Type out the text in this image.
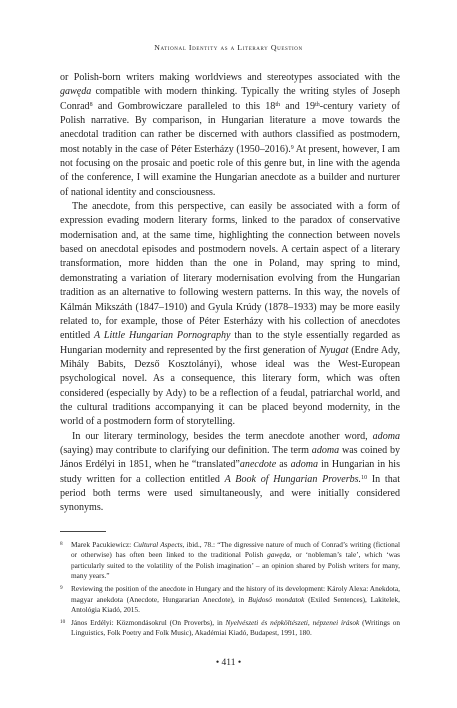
National Identity as a Literary Question

or Polish-born writers making worldviews and stereotypes associated with the gawęda compatible with modern thinking. Typically the writing styles of Joseph Conrad$^8$ and Gombrowiczare paralleled to this 18th and 19th-century variety of Polish narrative. By comparison, in Hungarian literature a move towards the anecdotal tradition can rather be discerned with authors classified as postmodern, most notably in the case of Péter Esterházy (1950–2016).$^9$ At present, however, I am not focusing on the prosaic and poetic role of this genre but, in line with the agenda of the conference, I will examine the Hungarian anecdote as a builder and nurturer of national identity and consciousness.

The anecdote, from this perspective, can easily be associated with a form of expression evading modern literary forms, linked to the paradox of conservative modernisation and, at the same time, highlighting the connection between novels based on anecdotal episodes and postmodern novels. A certain aspect of a literary transformation, more hidden than the one in Poland, may spring to mind, demonstrating a variation of literary modernisation evolving from the Hungarian tradition as an alternative to following western patterns. In this way, the novels of Kálmán Mikszáth (1847–1910) and Gyula Krúdy (1878–1933) may be more easily related to, for example, those of Péter Esterházy with his collection of anecdotes entitled A Little Hungarian Pornography than to the style essentially regarded as Hungarian modernity and represented by the first generation of Nyugat (Endre Ady, Mihály Babits, Dezső Kosztolányi), whose ideal was the West-European psychological novel. As a consequence, this literary form, which was often considered (especially by Ady) to be a reflection of a feudal, patriarchal world, and the cultural traditions accompanying it can be placed beyond modernity, in the world of a postmodern form of storytelling.

In our literary terminology, besides the term anecdote another word, adoma (saying) may contribute to clarifying our definition. The term adoma was coined by János Erdélyi in 1851, when he “translated”anecdote as adoma in Hungarian in his study written for a collection entitled A Book of Hungarian Proverbs.$^{10}$ In that period both terms were used simultaneously, and were initially considered synonyms.

8 Marek Pacukiewicz: Cultural Aspects, ibid., 78.: “The digressive nature of much of Conrad’s writing (fictional or otherwise) has often been linked to the traditional Polish gawęda, or ‘nobleman’s tale’, which ‘was particularly suited to the volatility of the Polish imagination’ – an opinion shared by Polish writers for many, many years.”
9 Reviewing the position of the anecdote in Hungary and the history of its development: Károly Alexa: Anekdota, magyar anekdota (Anecdote, Hungararian Anecdote), in Bujdosó mondatok (Exiled Sentences), Lakitelek, Antológia Kiadó, 2015.
10 János Erdélyi: Közmondásokrul (On Proverbs), in Nyelvészeti és népköltészeti, népzenei írások (Writings on Linguistics, Folk Poetry and Folk Music), Akadémiai Kiadó, Budapest, 1991, 180.
• 411 •
